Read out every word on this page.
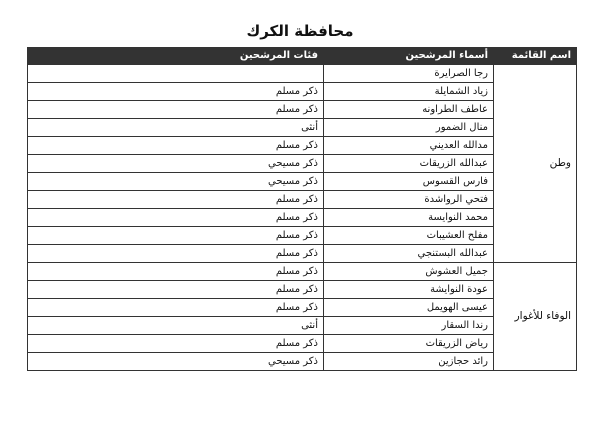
محافظة الكرك
اسم القائمة	أسماء المرشحين	فئات المرشحين
وطن	رجا الصرايرة	
	زياد الشمايلة	ذكر مسلم
	عاطف الطراونه	ذكر مسلم
	منال الضمور	أنثى
	مدالله العديني	ذكر مسلم
	عبدالله الزريقات	ذكر مسيحي
	فارس القسوس	ذكر مسيحي
	فتحي الرواشدة	ذكر مسلم
	محمد النوايسة	ذكر مسلم
	مفلح العشيبات	ذكر مسلم
	عبدالله البستنجي	ذكر مسلم
الوفاء للأغوار	جميل العشوش	ذكر مسلم
	عودة النوايشة	ذكر مسلم
	عيسى الهويمل	ذكر مسلم
	رندا السقار	أنثى
	رياض الزريقات	ذكر مسلم
	رائد حجازين	ذكر مسيحي
